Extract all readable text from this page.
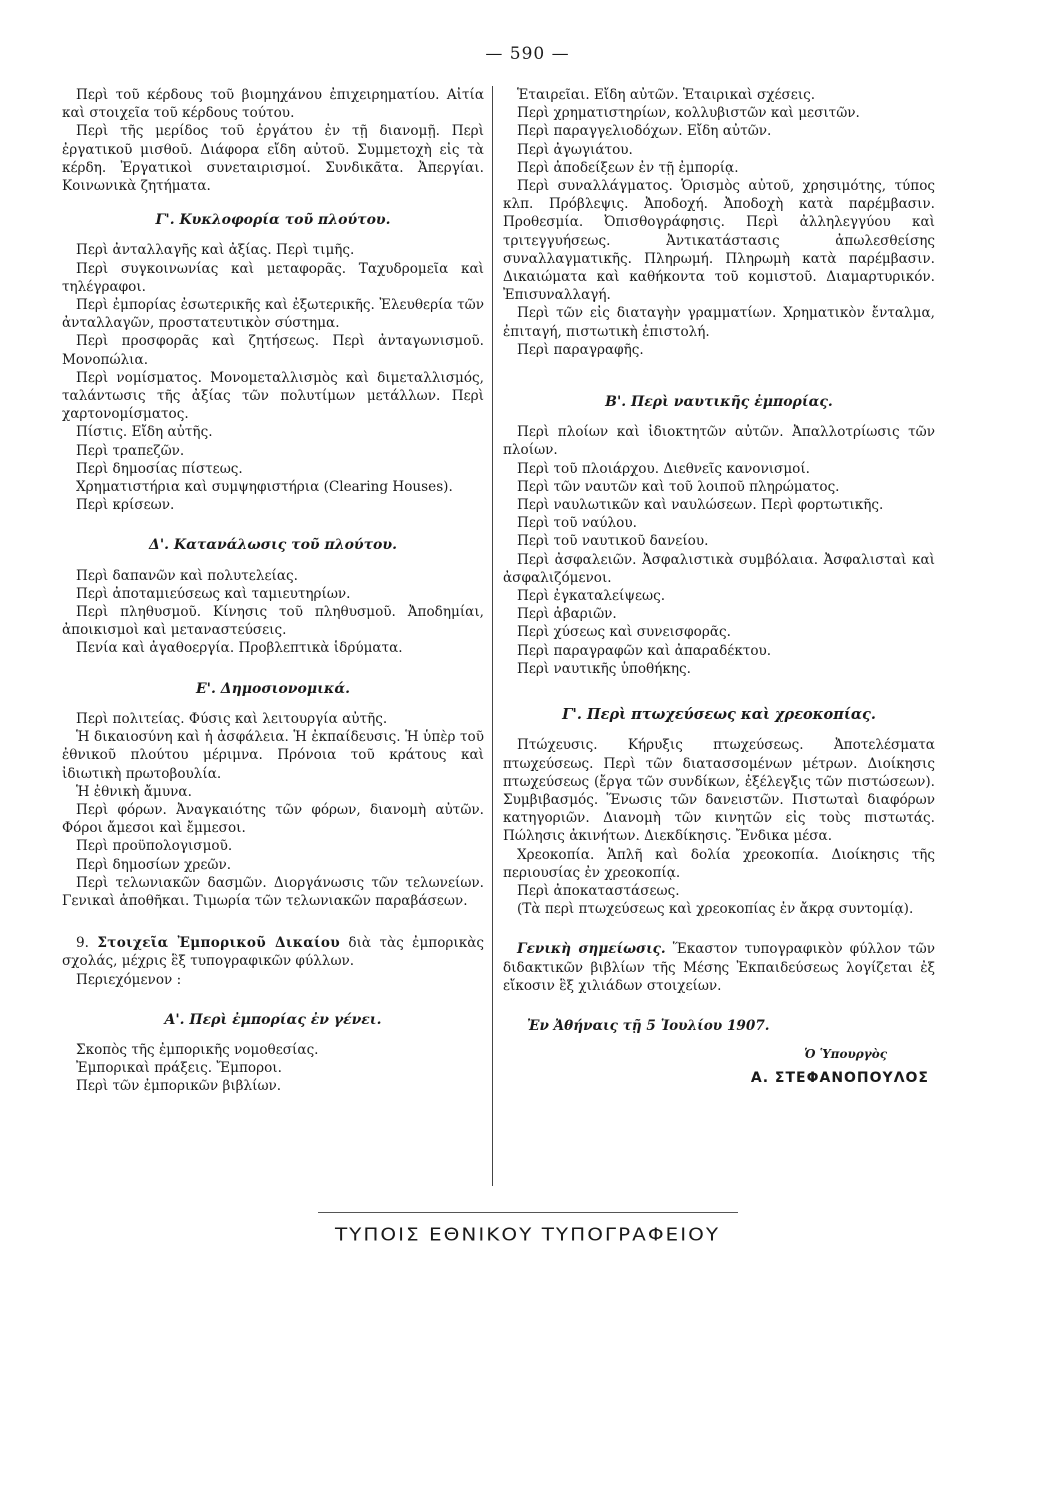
— 590 —

Περὶ τοῦ κέρδους τοῦ βιομηχάνου ἐπιχειρηματίου. Αἰτία καὶ στοιχεῖα τοῦ κέρδους τούτου.

Περὶ τῆς μερίδος τοῦ ἐργάτου ἐν τῇ διανομῇ. Περὶ ἐργατικοῦ μισθοῦ. Διάφορα εἴδη αὐτοῦ. Συμμετοχὴ εἰς τὰ κέρδη. Ἐργατικοὶ συνεταιρισμοί. Συνδικᾶτα. Ἀπεργίαι. Κοινωνικὰ ζητήματα.

Γ'. Κυκλοφορία τοῦ πλούτου.

Περὶ ἀνταλλαγῆς καὶ ἀξίας. Περὶ τιμῆς.

Περὶ συγκοινωνίας καὶ μεταφορᾶς. Ταχυδρομεῖα καὶ τηλέγραφοι.

Περὶ ἐμπορίας ἐσωτερικῆς καὶ ἐξωτερικῆς. Ἐλευθερία τῶν ἀνταλλαγῶν, προστατευτικὸν σύστημα.

Περὶ προσφορᾶς καὶ ζητήσεως. Περὶ ἀνταγωνισμοῦ. Μονοπώλια.

Περὶ νομίσματος. Μονομεταλλισμὸς καὶ διμεταλλισμός, ταλάντωσις τῆς ἀξίας τῶν πολυτίμων μετάλλων. Περὶ χαρτονομίσματος.

Πίστις. Εἴδη αὐτῆς.

Περὶ τραπεζῶν.

Περὶ δημοσίας πίστεως.

Χρηματιστήρια καὶ συμψηφιστήρια (Clearing Houses).

Περὶ κρίσεων.

Δ'. Κατανάλωσις τοῦ πλούτου.

Περὶ δαπανῶν καὶ πολυτελείας.

Περὶ ἀποταμιεύσεως καὶ ταμιευτηρίων.

Περὶ πληθυσμοῦ. Κίνησις τοῦ πληθυσμοῦ. Ἀποδημίαι, ἀποικισμοὶ καὶ μεταναστεύσεις.

Πενία καὶ ἀγαθοεργία. Προβλεπτικὰ ἱδρύματα.

Ε'. Δημοσιονομικά.

Περὶ πολιτείας. Φύσις καὶ λειτουργία αὐτῆς.

Ἡ δικαιοσύνη καὶ ἡ ἀσφάλεια. Ἡ ἐκπαίδευσις. Ἡ ὑπὲρ τοῦ ἐθνικοῦ πλούτου μέριμνα. Πρόνοια τοῦ κράτους καὶ ἰδιωτικὴ πρωτοβουλία.

Ἡ ἐθνικὴ ἄμυνα.

Περὶ φόρων. Ἀναγκαιότης τῶν φόρων, διανομὴ αὐτῶν. Φόροι ἄμεσοι καὶ ἔμμεσοι.

Περὶ προϋπολογισμοῦ.

Περὶ δημοσίων χρεῶν.

Περὶ τελωνιακῶν δασμῶν. Διοργάνωσις τῶν τελωνείων. Γενικαὶ ἀποθῆκαι. Τιμωρία τῶν τελωνιακῶν παραβάσεων.

9. Στοιχεῖα Ἐμπορικοῦ Δικαίου διὰ τὰς ἐμπορικὰς σχολάς, μέχρις ἓξ τυπογραφικῶν φύλλων.

Περιεχόμενον :

Α'. Περὶ ἐμπορίας ἐν γένει.

Σκοπὸς τῆς ἐμπορικῆς νομοθεσίας.

Ἐμπορικαὶ πράξεις. Ἔμποροι.

Περὶ τῶν ἐμπορικῶν βιβλίων.

Ἑταιρεῖαι. Εἴδη αὐτῶν. Ἑταιρικαὶ σχέσεις.

Περὶ χρηματιστηρίων, κολλυβιστῶν καὶ μεσιτῶν.

Περὶ παραγγελιοδόχων. Εἴδη αὐτῶν.

Περὶ ἀγωγιάτου.

Περὶ ἀποδείξεων ἐν τῇ ἐμπορίᾳ.

Περὶ συναλλάγματος. Ὁρισμὸς αὐτοῦ, χρησιμότης, τύπος κλπ. Πρόβλεψις. Ἀποδοχή. Ἀποδοχὴ κατὰ παρέμβασιν. Προθεσμία. Ὀπισθογράφησις. Περὶ ἀλληλεγγύου καὶ τριτεγγυήσεως. Ἀντικατάστασις ἀπωλεσθείσης συναλλαγματικῆς. Πληρωμή. Πληρωμὴ κατὰ παρέμβασιν. Δικαιώματα καὶ καθήκοντα τοῦ κομιστοῦ. Διαμαρτυρικόν. Ἐπισυναλλαγή.

Περὶ τῶν εἰς διαταγὴν γραμματίων. Χρηματικὸν ἔνταλμα, ἐπιταγή, πιστωτικὴ ἐπιστολή.

Περὶ παραγραφῆς.

Β'. Περὶ ναυτικῆς ἐμπορίας.

Περὶ πλοίων καὶ ἰδιοκτητῶν αὐτῶν. Ἀπαλλοτρίωσις τῶν πλοίων.

Περὶ τοῦ πλοιάρχου. Διεθνεῖς κανονισμοί.

Περὶ τῶν ναυτῶν καὶ τοῦ λοιποῦ πληρώματος.

Περὶ ναυλωτικῶν καὶ ναυλώσεων. Περὶ φορτωτικῆς.

Περὶ τοῦ ναύλου.

Περὶ τοῦ ναυτικοῦ δανείου.

Περὶ ἀσφαλειῶν. Ἀσφαλιστικὰ συμβόλαια. Ἀσφαλισταὶ καὶ ἀσφαλιζόμενοι.

Περὶ ἐγκαταλείψεως.

Περὶ ἀβαριῶν.

Περὶ χύσεως καὶ συνεισφορᾶς.

Περὶ παραγραφῶν καὶ ἀπαραδέκτου.

Περὶ ναυτικῆς ὑποθήκης.

Γ'. Περὶ πτωχεύσεως καὶ χρεοκοπίας.

Πτώχευσις. Κήρυξις πτωχεύσεως. Ἀποτελέσματα πτωχεύσεως. Περὶ τῶν διατασσομένων μέτρων. Διοίκησις πτωχεύσεως (ἔργα τῶν συνδίκων, ἐξέλεγξις τῶν πιστώσεων). Συμβιβασμός. Ἕνωσις τῶν δανειστῶν. Πιστωταὶ διαφόρων κατηγοριῶν. Διανομὴ τῶν κινητῶν εἰς τοὺς πιστωτάς. Πώλησις ἀκινήτων. Διεκδίκησις. Ἔνδικα μέσα.

Χρεοκοπία. Ἁπλῆ καὶ δολία χρεοκοπία. Διοίκησις τῆς περιουσίας ἐν χρεοκοπίᾳ.

Περὶ ἀποκαταστάσεως.

(Τὰ περὶ πτωχεύσεως καὶ χρεοκοπίας ἐν ἄκρᾳ συντομίᾳ).

Γενικὴ σημείωσις. Ἕκαστον τυπογραφικὸν φύλλον τῶν διδακτικῶν βιβλίων τῆς Μέσης Ἐκπαιδεύσεως λογίζεται ἐξ εἴκοσιν ἓξ χιλιάδων στοιχείων.

Ἐν Ἀθήναις τῇ 5 Ἰουλίου 1907.

Ὁ Ὑπουργὸς
Α. ΣΤΕΦΑΝΟΠΟΥΛΟΣ
ΤΥΠΟΙΣ ΕΘΝΙΚΟΥ ΤΥΠΟΓΡΑΦΕΙΟΥ
